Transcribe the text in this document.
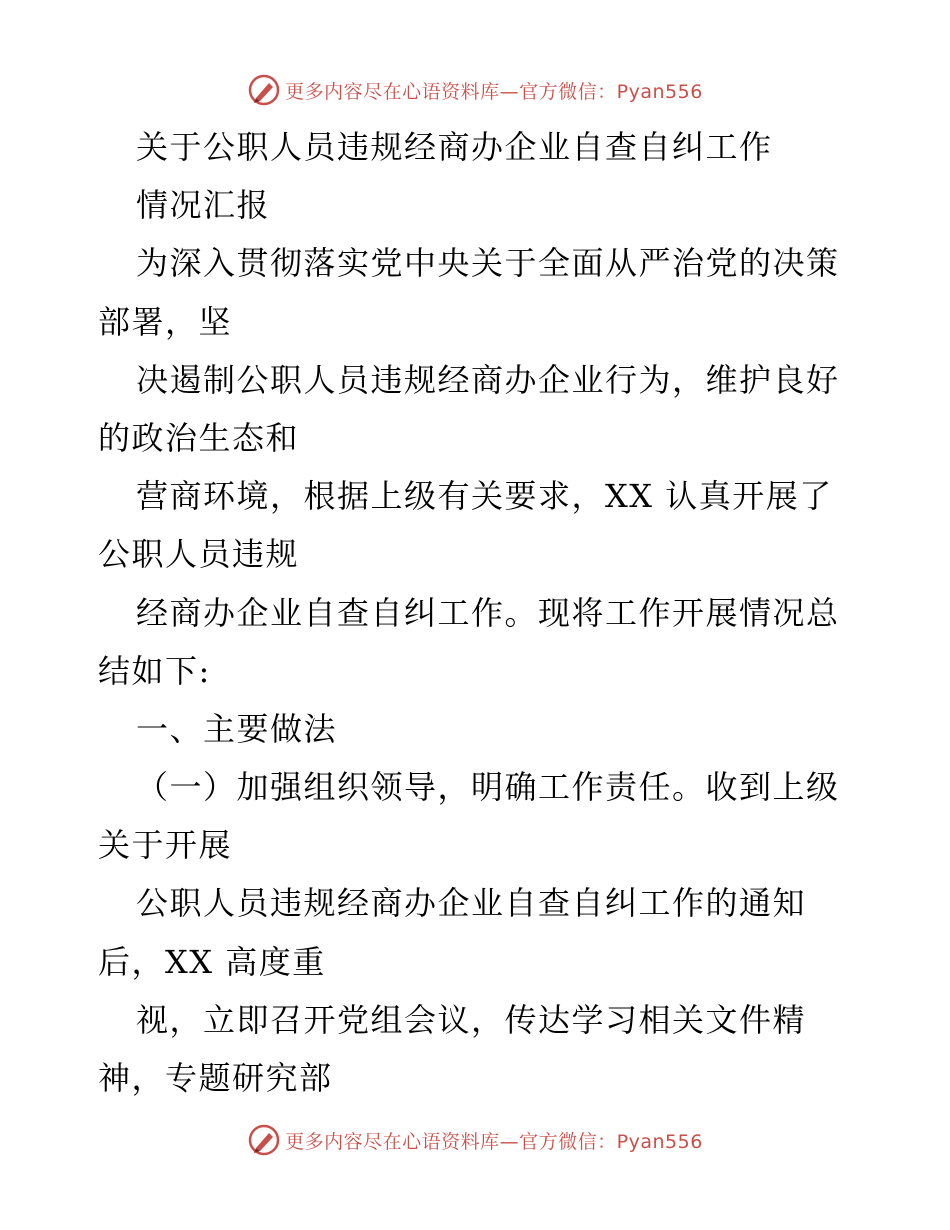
更多内容尽在心语资料库—官方微信：Pyan556
关于公职人员违规经商办企业自查自纠工作
情况汇报
为深入贯彻落实党中央关于全面从严治党的决策
部署，坚
决遏制公职人员违规经商办企业行为，维护良好
的政治生态和
营商环境，根据上级有关要求，XX 认真开展了
公职人员违规
经商办企业自查自纠工作。现将工作开展情况总
结如下:
一、主要做法
（一）加强组织领导，明确工作责任。收到上级
关于开展
公职人员违规经商办企业自查自纠工作的通知
后，XX 高度重
视，立即召开党组会议，传达学习相关文件精
神，专题研究部
更多内容尽在心语资料库—官方微信：Pyan556
